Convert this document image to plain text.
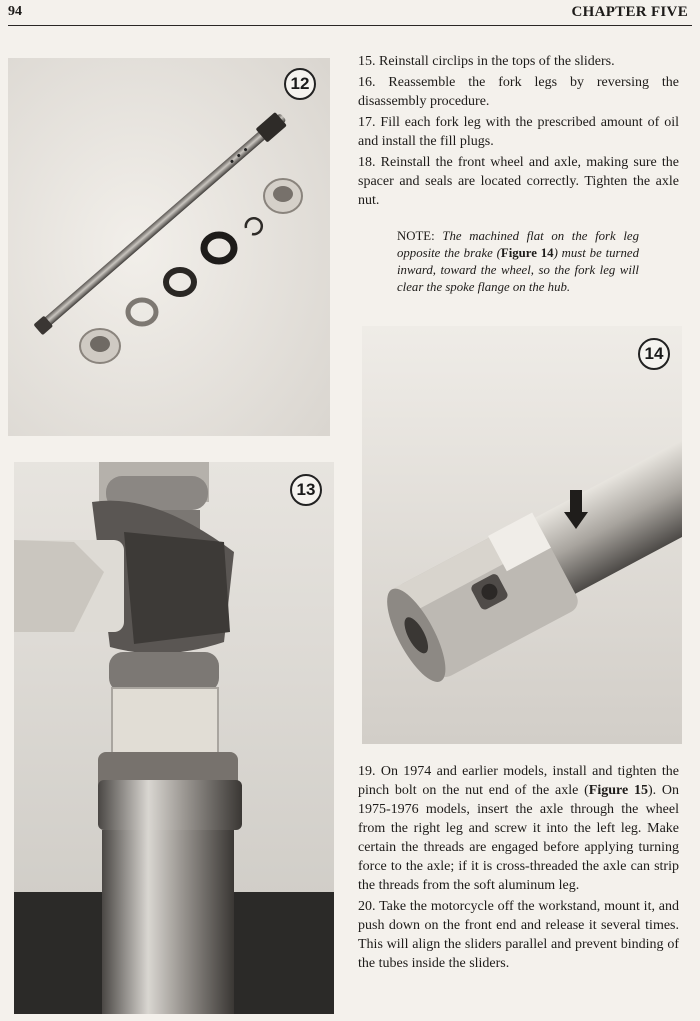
94	CHAPTER FIVE
12
13
14

15. Reinstall circlips in the tops of the sliders.

16. Reassemble the fork legs by reversing the disassembly procedure.

17. Fill each fork leg with the prescribed amount of oil and install the fill plugs.

18. Reinstall the front wheel and axle, making sure the spacer and seals are located correctly. Tighten the axle nut.

NOTE: The machined flat on the fork leg opposite the brake (Figure 14) must be turned inward, toward the wheel, so the fork leg will clear the spoke flange on the hub.

19. On 1974 and earlier models, install and tighten the pinch bolt on the nut end of the axle (Figure 15). On 1975-1976 models, insert the axle through the wheel from the right leg and screw it into the left leg. Make certain the threads are engaged before applying turning force to the axle; if it is cross-threaded the axle can strip the threads from the soft aluminum leg.

20. Take the motorcycle off the workstand, mount it, and push down on the front end and release it several times. This will align the sliders parallel and prevent binding of the tubes inside the sliders.
